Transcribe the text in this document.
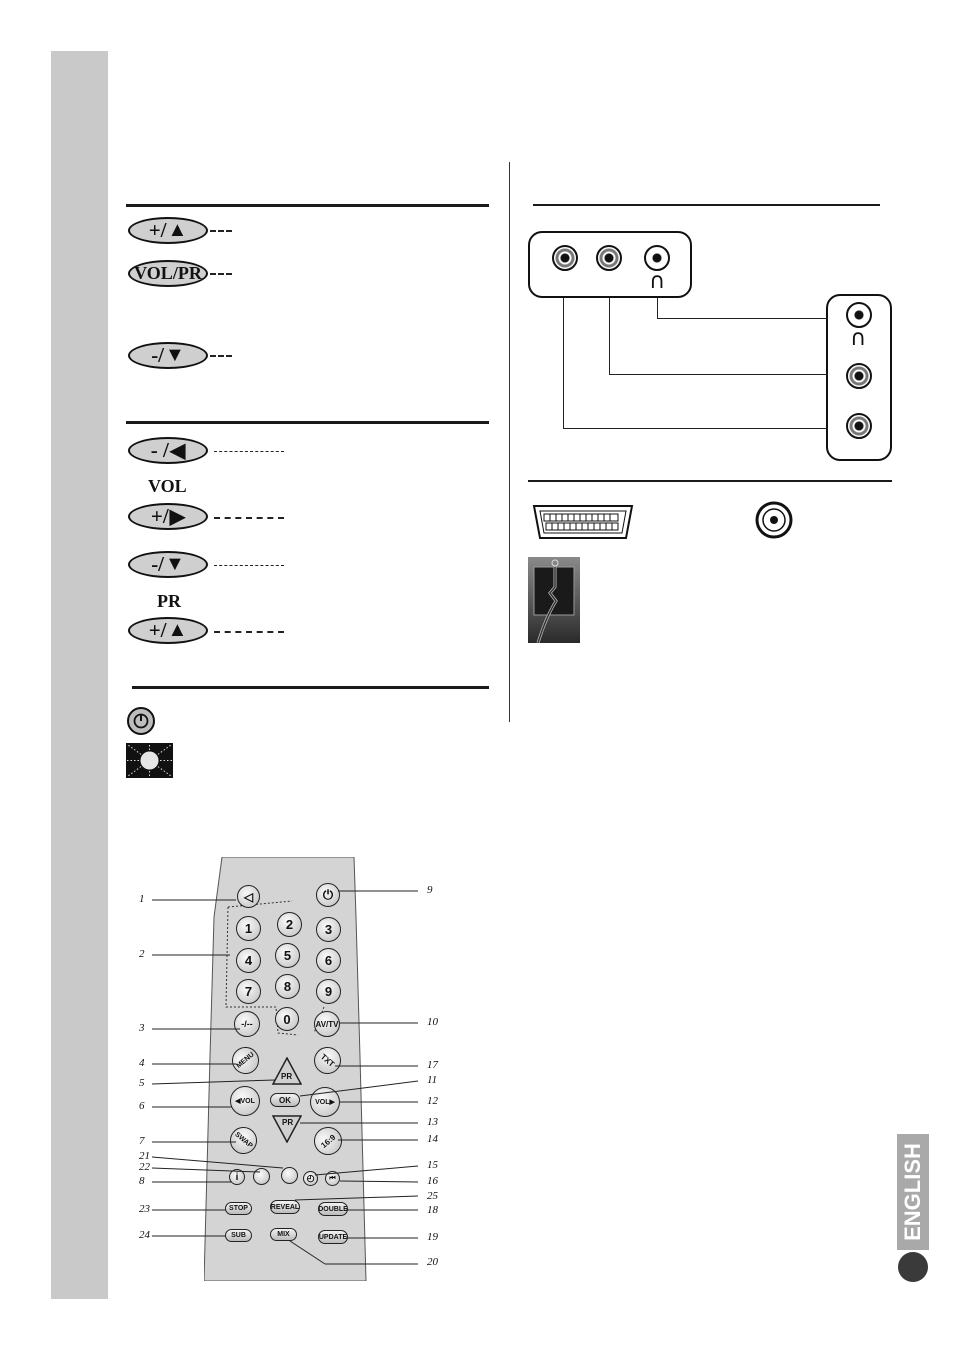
+/ ▲
VOL/PR
-/ ▼
- / ◀
VOL
+/ ▶
-/ ▼
PR
+/ ▲
∩
∩
◁	⏻
2
1	3
5
4	6
8
7	9
0
-/--	AV/TV
MENU	TXT
PR
◀VOL	OK	VOL▶
PR
SWAP	16:9
i	◴	⏮
STOP	REVEAL	DOUBLE
SUB	MIX	UPDATE
1
2
3
4
5
6
7
21
22
8
23
24
9
10
17
11
12
13
14
15
16
25
18
19
20
ENGLISH
